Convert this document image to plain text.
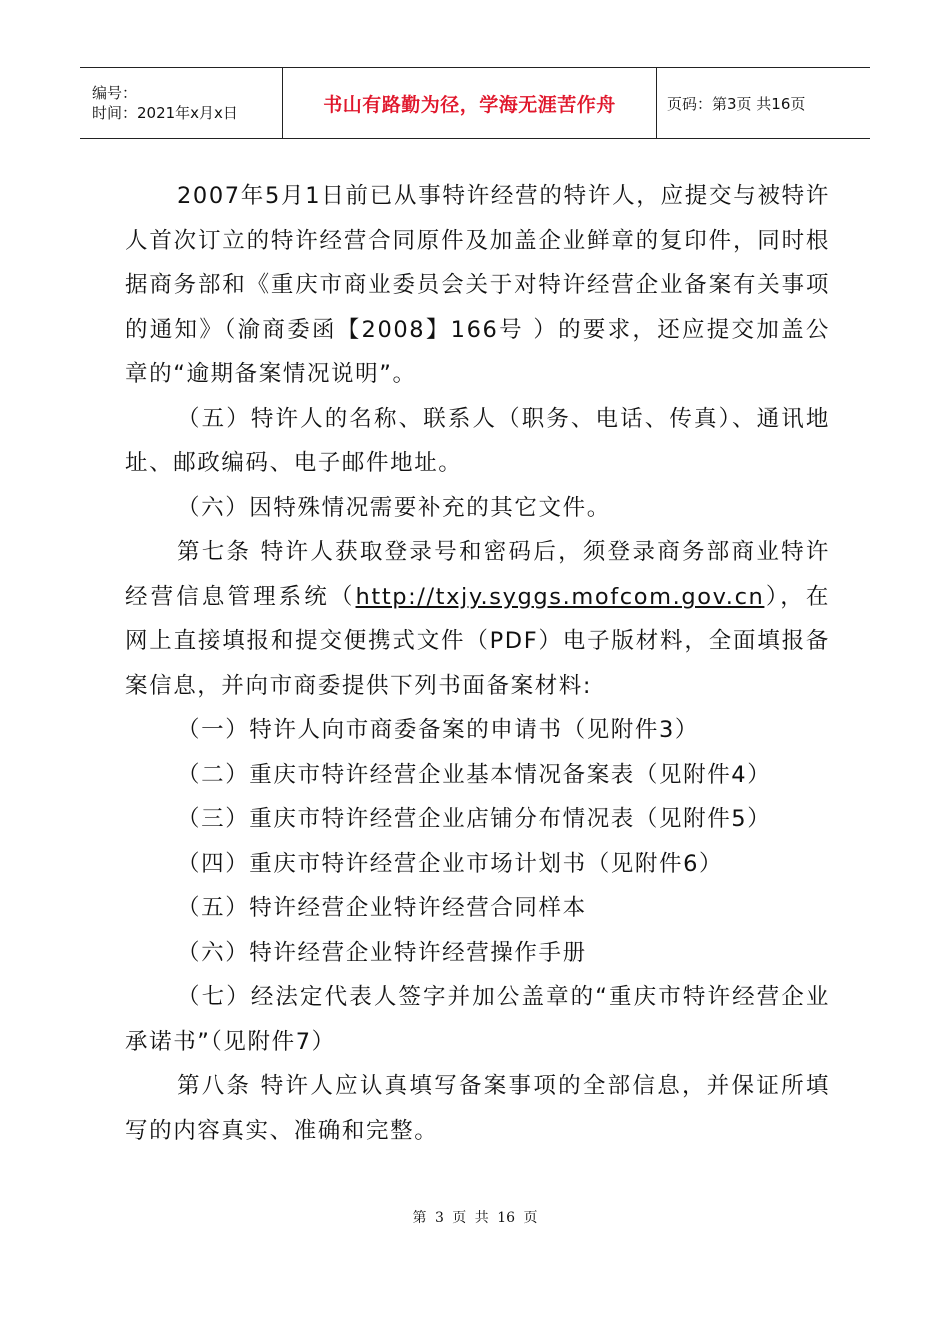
编号：
时间：2021年x月x日	书山有路勤为径，学海无涯苦作舟	页码：第3页 共16页

2007年5月1日前已从事特许经营的特许人，应提交与被特许人首次订立的特许经营合同原件及加盖企业鲜章的复印件，同时根据商务部和《重庆市商业委员会关于对特许经营企业备案有关事项的通知》（渝商委函【2008】166号 ）的要求，还应提交加盖公章的“逾期备案情况说明”。

（五）特许人的名称、联系人（职务、电话、传真）、通讯地址、邮政编码、电子邮件地址。

（六）因特殊情况需要补充的其它文件。

第七条 特许人获取登录号和密码后，须登录商务部商业特许经营信息管理系统（http://txjy.syggs.mofcom.gov.cn），在网上直接填报和提交便携式文件（PDF）电子版材料，全面填报备案信息，并向市商委提供下列书面备案材料:

（一）特许人向市商委备案的申请书（见附件3）

（二）重庆市特许经营企业基本情况备案表（见附件4）

（三）重庆市特许经营企业店铺分布情况表（见附件5）

（四）重庆市特许经营企业市场计划书（见附件6）

（五）特许经营企业特许经营合同样本

（六）特许经营企业特许经营操作手册

（七）经法定代表人签字并加公盖章的“重庆市特许经营企业承诺书”（见附件7）

第八条 特许人应认真填写备案事项的全部信息，并保证所填写的内容真实、准确和完整。

第 3 页 共 16 页
